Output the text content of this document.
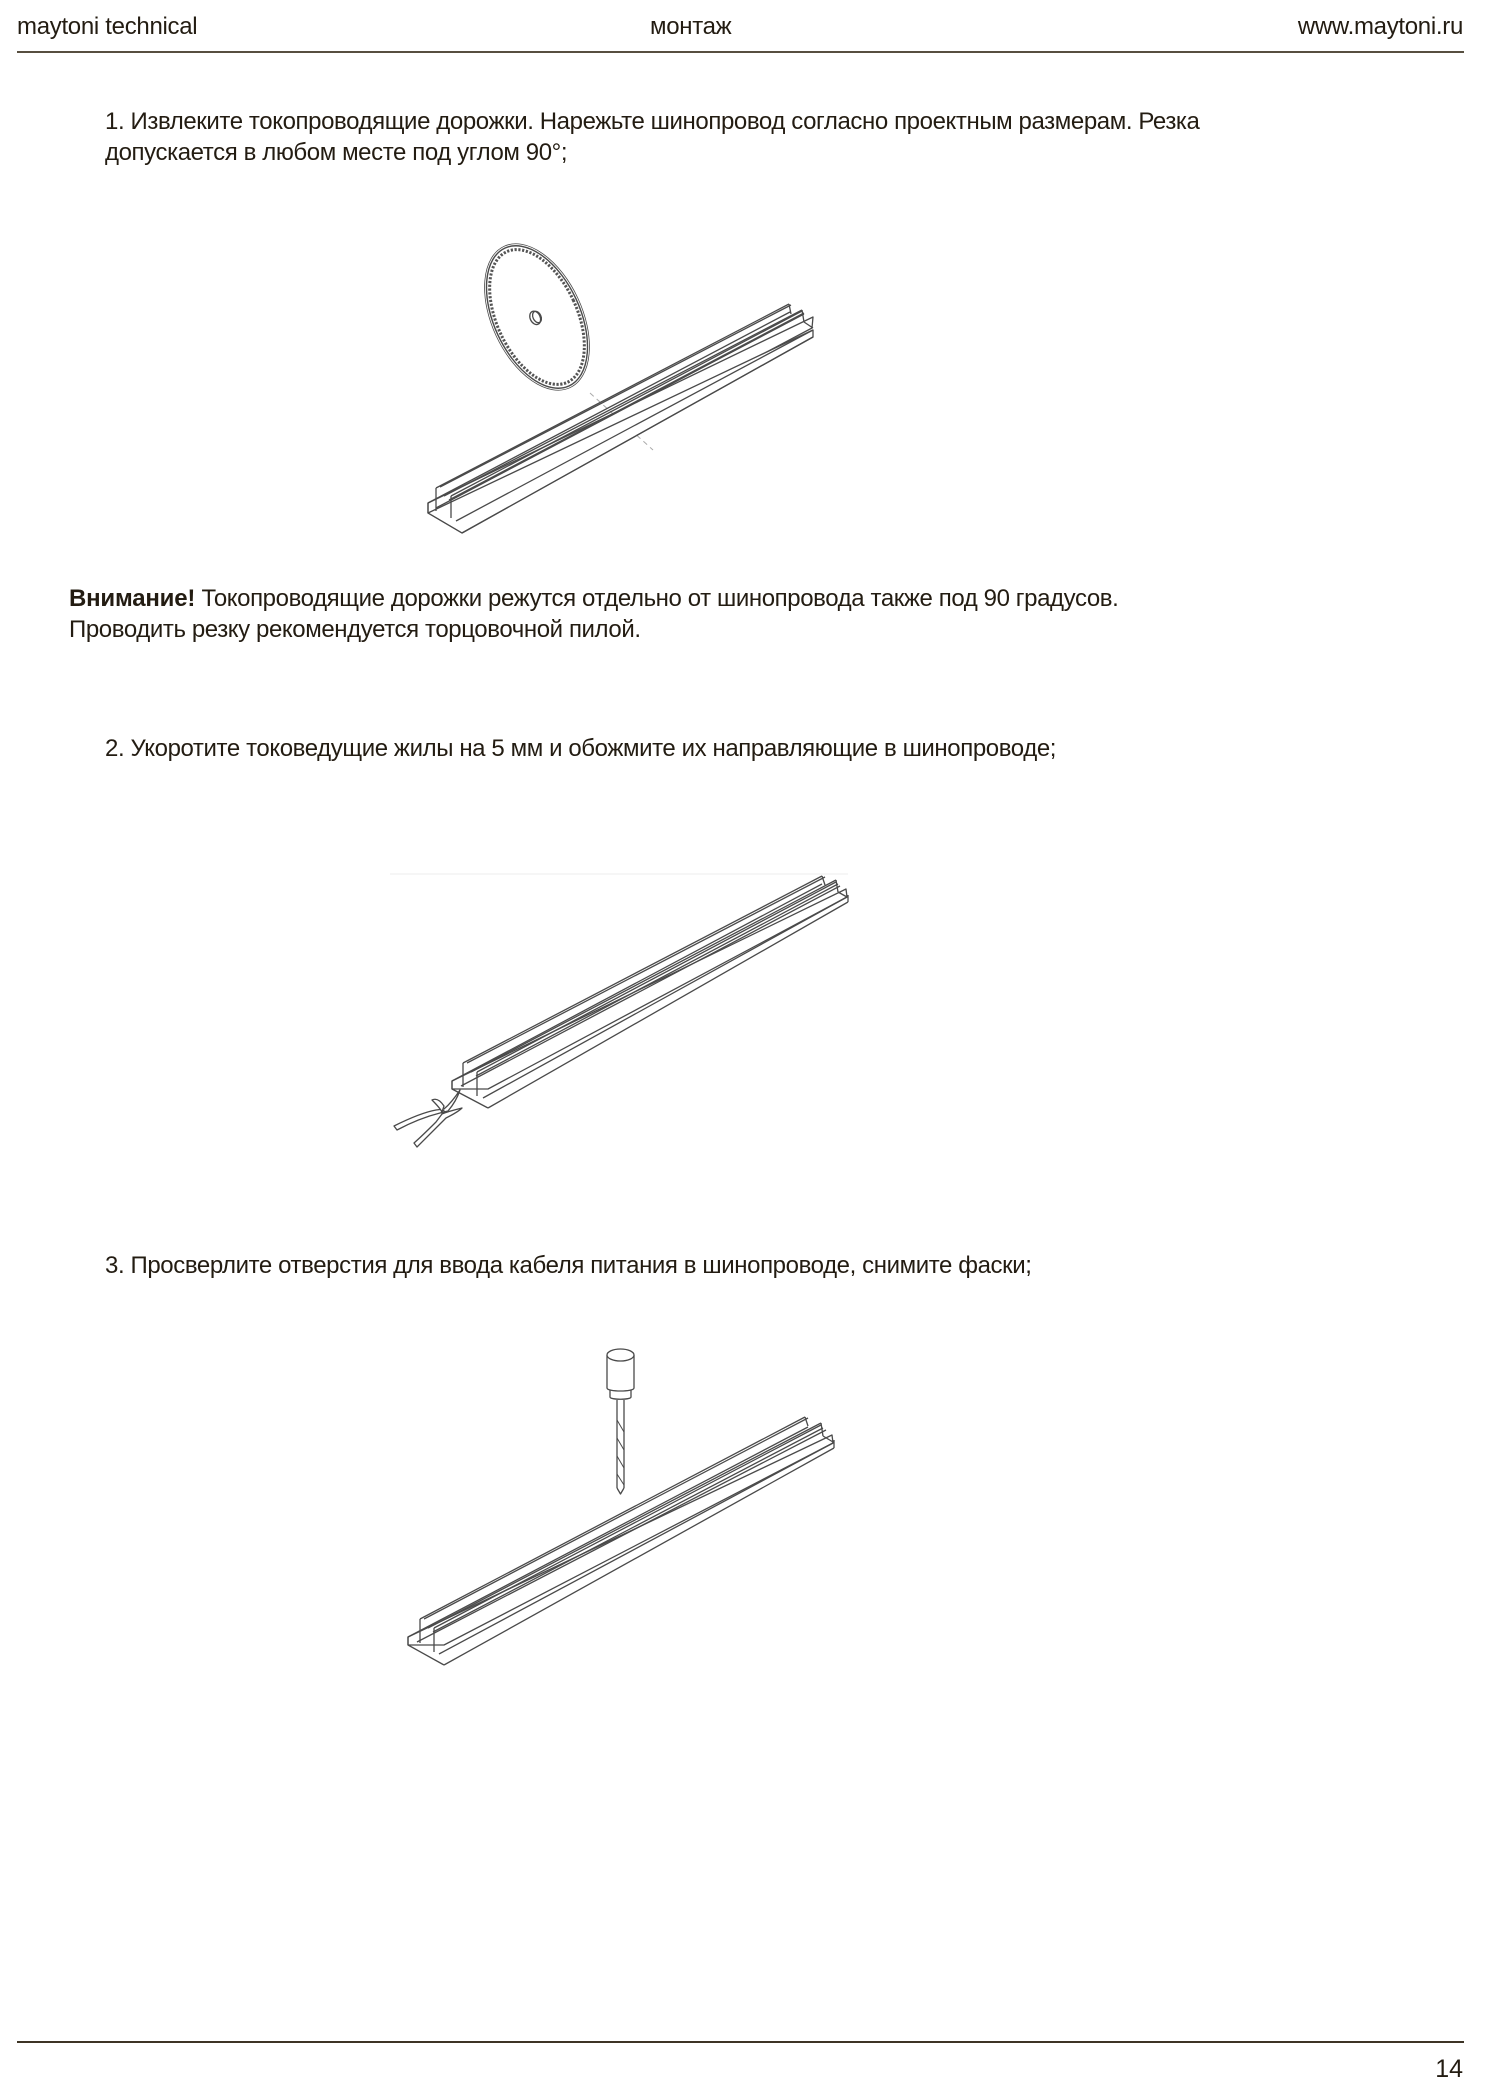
maytoni technical	монтаж	www.maytoni.ru

1. Извлеките токопроводящие дорожки. Нарежьте шинопровод согласно проектным размерам. Резка допускается в любом месте под углом 90°;

Внимание! Токопроводящие дорожки режутся отдельно от шинопровода также под 90 градусов. Проводить резку рекомендуется торцовочной пилой.

2. Укоротите токоведущие жилы на 5 мм и обожмите их направляющие в шинопроводе;

3. Просверлите отверстия для ввода кабеля питания в шинопроводе, снимите фаски;

14
